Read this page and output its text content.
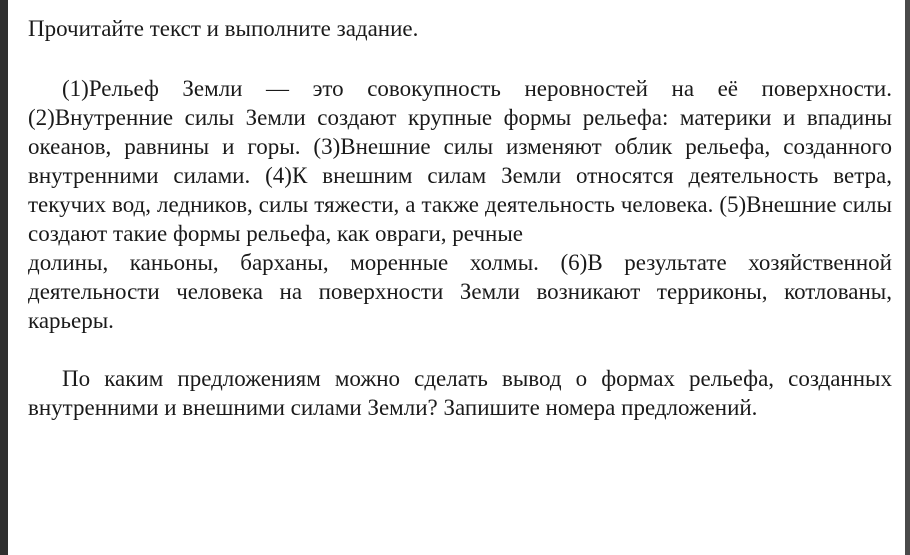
Прочитайте текст и выполните задание.

(1)Рельеф Земли — это совокупность неровностей на её поверхности. (2)Внутренние силы Земли создают крупные формы рельефа: материки и впадины океанов, равнины и горы. (3)Внешние силы изменяют облик рельефа, созданного внутренними силами. (4)К внешним силам Земли относятся деятельность ветра, текучих вод, ледников, силы тяжести, а также деятельность человека. (5)Внешние силы создают такие формы рельефа, как овраги, речные

долины, каньоны, барханы, моренные холмы. (6)В результате хозяйственной деятельности человека на поверхности Земли возникают терриконы, котлованы, карьеры.

По каким предложениям можно сделать вывод о формах рельефа, созданных внутренними и внешними силами Земли? Запишите номера предложений.
